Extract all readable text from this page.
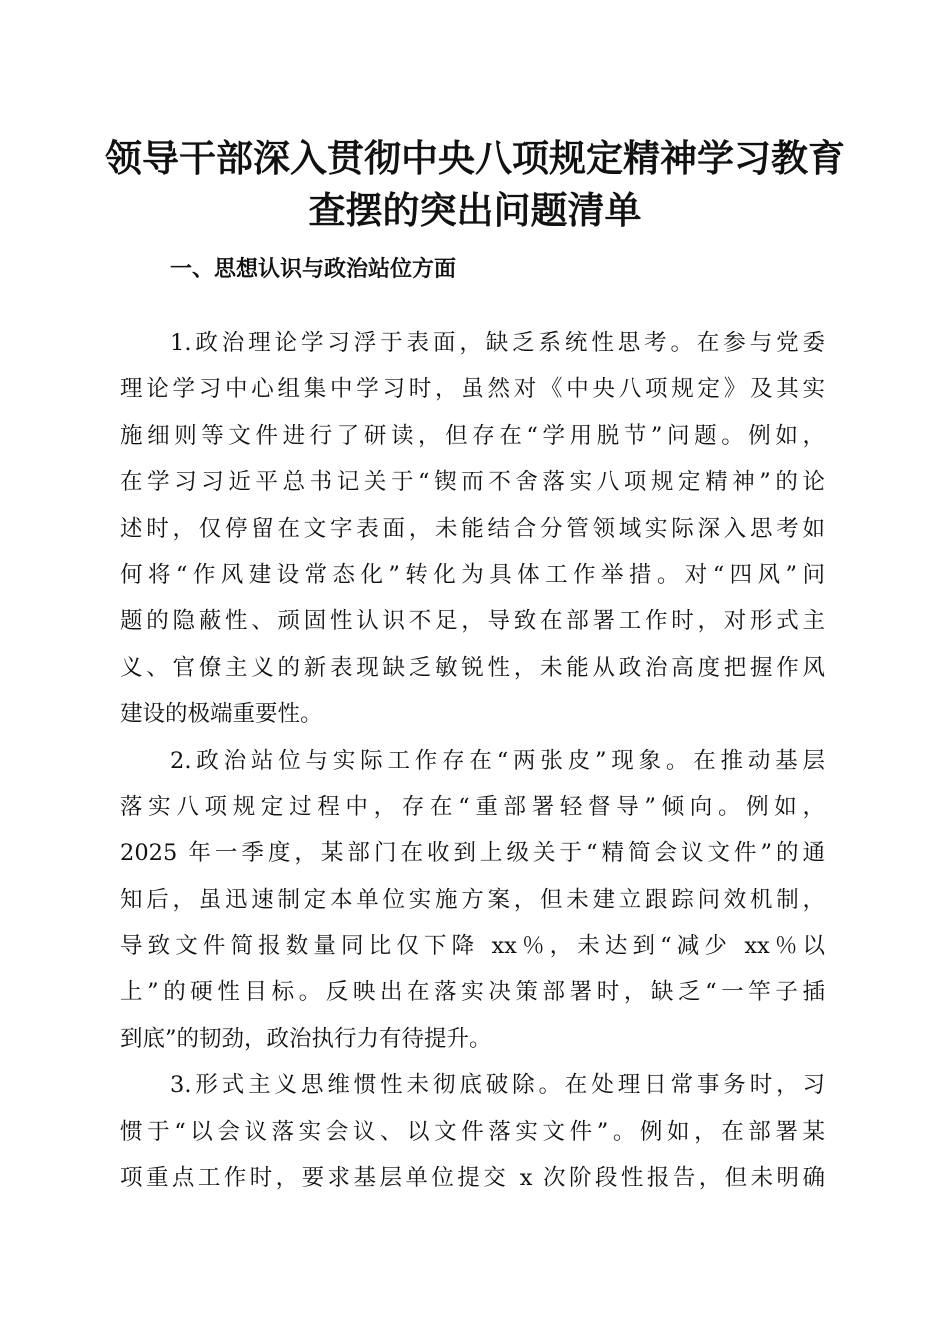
领导干部深入贯彻中央八项规定精神学习教育
查摆的突出问题清单
一、思想认识与政治站位方面
1.政治理论学习浮于表面，缺乏系统性思考。在参与党委
理论学习中心组集中学习时，虽然对《中央八项规定》及其实
施细则等文件进行了研读，但存在“学用脱节”问题。例如，
在学习习近平总书记关于“锲而不舍落实八项规定精神”的论
述时，仅停留在文字表面，未能结合分管领域实际深入思考如
何将“作风建设常态化”转化为具体工作举措。对“四风”问
题的隐蔽性、顽固性认识不足，导致在部署工作时，对形式主
义、官僚主义的新表现缺乏敏锐性，未能从政治高度把握作风
建设的极端重要性。
2.政治站位与实际工作存在“两张皮”现象。在推动基层
落实八项规定过程中，存在“重部署轻督导”倾向。例如，
2025 年一季度，某部门在收到上级关于“精简会议文件”的通
知后，虽迅速制定本单位实施方案，但未建立跟踪问效机制，
导致文件简报数量同比仅下降 xx％，未达到“减少 xx％以
上”的硬性目标。反映出在落实决策部署时，缺乏“一竿子插
到底”的韧劲，政治执行力有待提升。
3.形式主义思维惯性未彻底破除。在处理日常事务时，习
惯于“以会议落实会议、以文件落实文件”。例如，在部署某
项重点工作时，要求基层单位提交 x 次阶段性报告，但未明确
